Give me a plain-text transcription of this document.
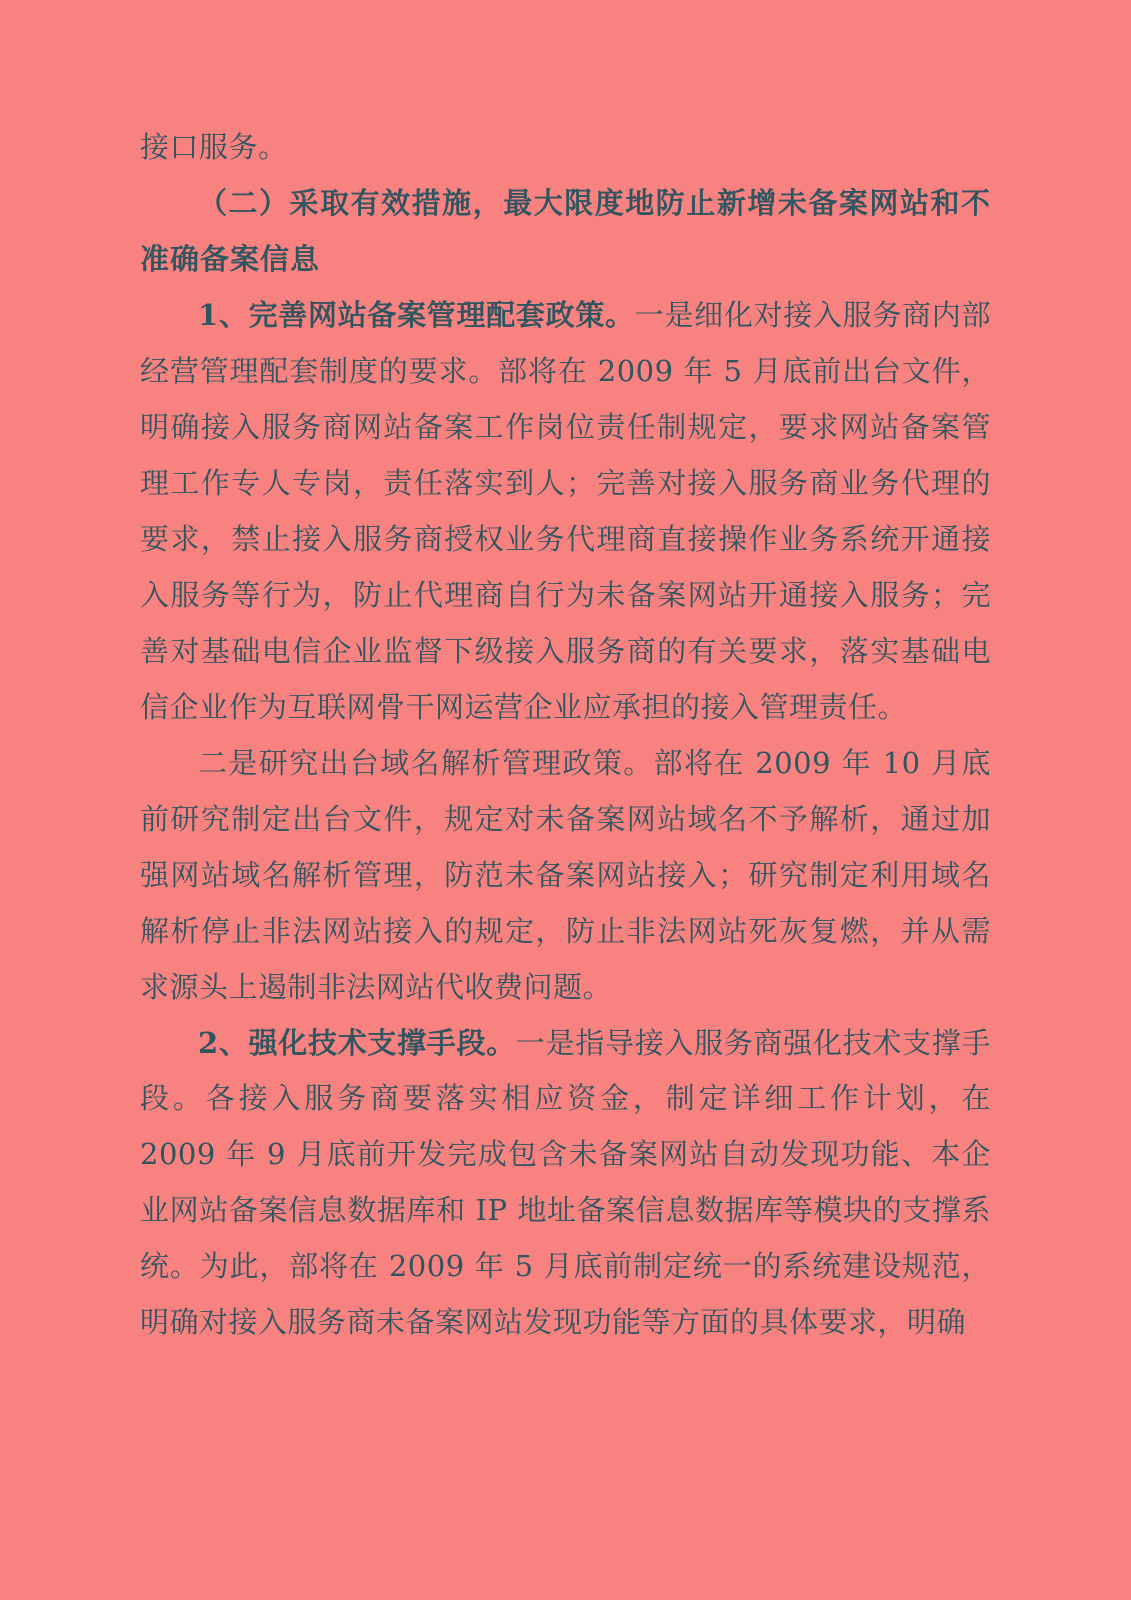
接口服务。

（二）采取有效措施，最大限度地防止新增未备案网站和不准确备案信息

1、完善网站备案管理配套政策。一是细化对接入服务商内部经营管理配套制度的要求。部将在 2009 年 5 月底前出台文件，明确接入服务商网站备案工作岗位责任制规定，要求网站备案管理工作专人专岗，责任落实到人；完善对接入服务商业务代理的要求，禁止接入服务商授权业务代理商直接操作业务系统开通接入服务等行为，防止代理商自行为未备案网站开通接入服务；完善对基础电信企业监督下级接入服务商的有关要求，落实基础电信企业作为互联网骨干网运营企业应承担的接入管理责任。

二是研究出台域名解析管理政策。部将在 2009 年 10 月底前研究制定出台文件，规定对未备案网站域名不予解析，通过加强网站域名解析管理，防范未备案网站接入；研究制定利用域名解析停止非法网站接入的规定，防止非法网站死灰复燃，并从需求源头上遏制非法网站代收费问题。

2、强化技术支撑手段。一是指导接入服务商强化技术支撑手段。各接入服务商要落实相应资金，制定详细工作计划，在 2009 年 9 月底前开发完成包含未备案网站自动发现功能、本企业网站备案信息数据库和 IP 地址备案信息数据库等模块的支撑系统。为此，部将在 2009 年 5 月底前制定统一的系统建设规范，明确对接入服务商未备案网站发现功能等方面的具体要求，明确
